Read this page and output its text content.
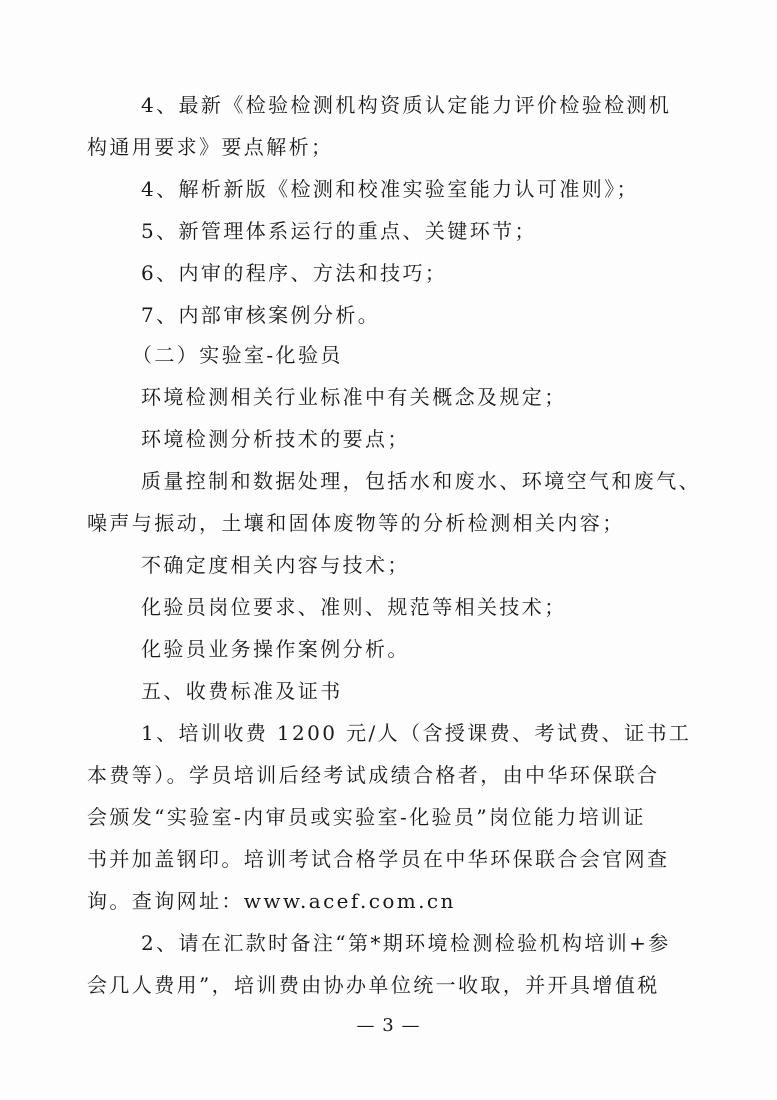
4、最新《检验检测机构资质认定能力评价检验检测机
构通用要求》要点解析；
4、解析新版《检测和校准实验室能力认可准则》；
5、新管理体系运行的重点、关键环节；
6、内审的程序、方法和技巧；
7、内部审核案例分析。
（二）实验室-化验员
环境检测相关行业标准中有关概念及规定；
环境检测分析技术的要点；
质量控制和数据处理，包括水和废水、环境空气和废气、
噪声与振动，土壤和固体废物等的分析检测相关内容；
不确定度相关内容与技术；
化验员岗位要求、准则、规范等相关技术；
化验员业务操作案例分析。
五、收费标准及证书
1、培训收费 1200 元/人（含授课费、考试费、证书工
本费等）。学员培训后经考试成绩合格者，由中华环保联合
会颁发“实验室-内审员或实验室-化验员”岗位能力培训证
书并加盖钢印。培训考试合格学员在中华环保联合会官网查
询。查询网址：www.acef.com.cn
2、请在汇款时备注“第*期环境检测检验机构培训+参
会几人费用”，培训费由协办单位统一收取，并开具增值税
— 3 —
